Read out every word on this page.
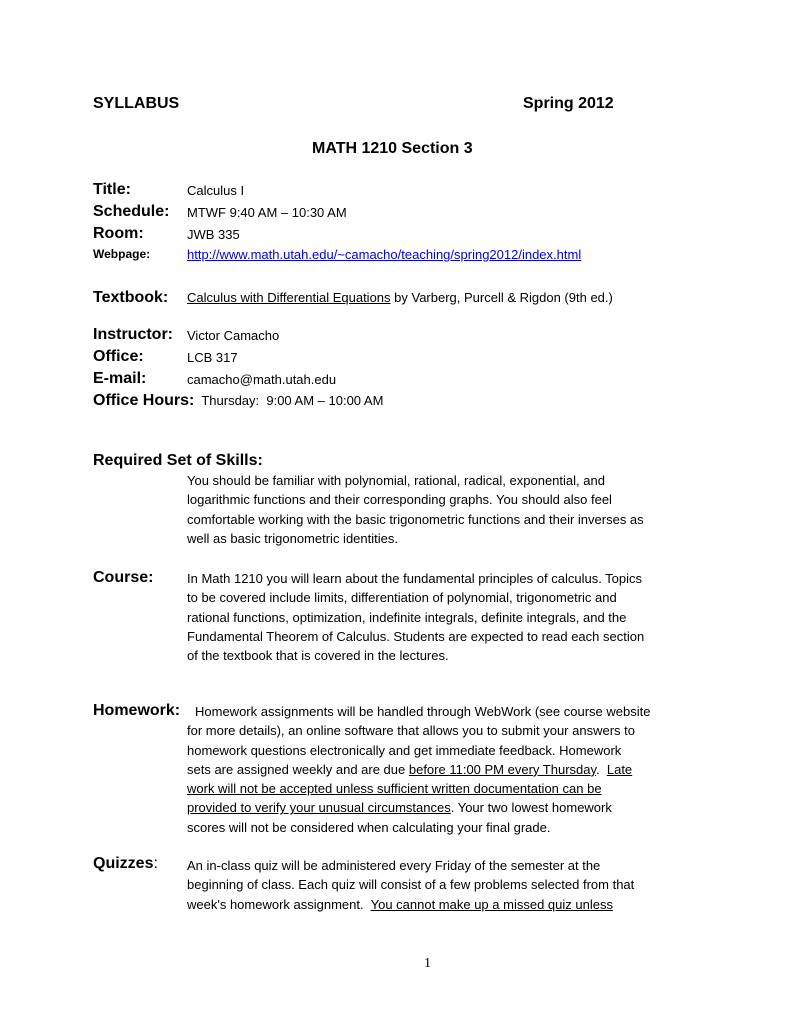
SYLLABUS	Spring 2012
MATH 1210 Section 3
Title:	Calculus I
Schedule: MTWF 9:40 AM – 10:30 AM
Room:	JWB 335
Webpage:	http://www.math.utah.edu/~camacho/teaching/spring2012/index.html
Textbook: Calculus with Differential Equations by Varberg, Purcell & Rigdon (9th ed.)
Instructor: Victor Camacho
Office:	LCB 317
E-mail:	camacho@math.utah.edu
Office Hours:  Thursday:  9:00 AM – 10:00 AM
Required Set of Skills:

You should be familiar with polynomial, rational, radical, exponential, and

logarithmic functions and their corresponding graphs. You should also feel

comfortable working with the basic trigonometric functions and their inverses as

well as basic trigonometric identities.

Course:	In Math 1210 you will learn about the fundamental principles of calculus. Topics

to be covered include limits, differentiation of polynomial, trigonometric and

rational functions, optimization, indefinite integrals, definite integrals, and the

Fundamental Theorem of Calculus. Students are expected to read each section

of the textbook that is covered in the lectures.

Homework:	Homework assignments will be handled through WebWork (see course website

for more details), an online software that allows you to submit your answers to

homework questions electronically and get immediate feedback. Homework

sets are assigned weekly and are due before 11:00 PM every Thursday.  Late

work will not be accepted unless sufficient written documentation can be

provided to verify your unusual circumstances. Your two lowest homework

scores will not be considered when calculating your final grade.

Quizzes: An in-class quiz will be administered every Friday of the semester at the

beginning of class. Each quiz will consist of a few problems selected from that

week's homework assignment.  You cannot make up a missed quiz unless

1
